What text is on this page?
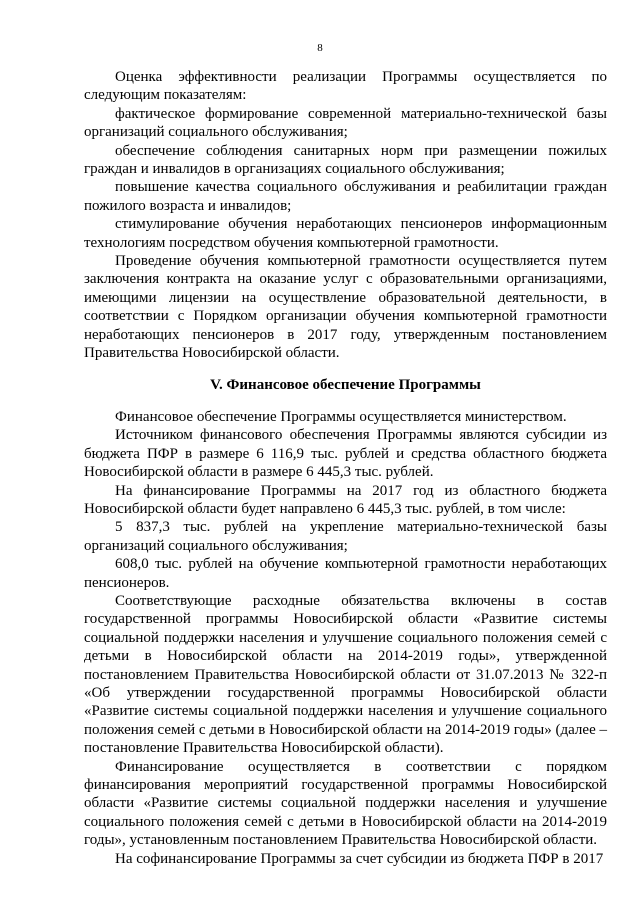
8

Оценка эффективности реализации Программы осуществляется по следующим показателям:

фактическое формирование современной материально-технической базы организаций социального обслуживания;

обеспечение соблюдения санитарных норм при размещении пожилых граждан и инвалидов в организациях социального обслуживания;

повышение качества социального обслуживания и реабилитации граждан пожилого возраста и инвалидов;

стимулирование обучения неработающих пенсионеров информационным технологиям посредством обучения компьютерной грамотности.

Проведение обучения компьютерной грамотности осуществляется путем заключения контракта на оказание услуг с образовательными организациями, имеющими лицензии на осуществление образовательной деятельности, в соответствии с Порядком организации обучения компьютерной грамотности неработающих пенсионеров в 2017 году, утвержденным постановлением Правительства Новосибирской области.

V. Финансовое обеспечение Программы

Финансовое обеспечение Программы осуществляется министерством.

Источником финансового обеспечения Программы являются субсидии из бюджета ПФР в размере 6 116,9 тыс. рублей и средства областного бюджета Новосибирской области в размере 6 445,3 тыс. рублей.

На финансирование Программы на 2017 год из областного бюджета Новосибирской области будет направлено 6 445,3 тыс. рублей, в том числе:

5 837,3 тыс. рублей на укрепление материально-технической базы организаций социального обслуживания;

608,0 тыс. рублей на обучение компьютерной грамотности неработающих пенсионеров.

Соответствующие расходные обязательства включены в состав государственной программы Новосибирской области «Развитие системы социальной поддержки населения и улучшение социального положения семей с детьми в Новосибирской области на 2014-2019 годы», утвержденной постановлением Правительства Новосибирской области от 31.07.2013 № 322-п «Об утверждении государственной программы Новосибирской области «Развитие системы социальной поддержки населения и улучшение социального положения семей с детьми в Новосибирской области на 2014-2019 годы» (далее – постановление Правительства Новосибирской области).

Финансирование осуществляется в соответствии с порядком финансирования мероприятий государственной программы Новосибирской области «Развитие системы социальной поддержки населения и улучшение социального положения семей с детьми в Новосибирской области на 2014-2019 годы», установленным постановлением Правительства Новосибирской области.

На софинансирование Программы за счет субсидии из бюджета ПФР в 2017
